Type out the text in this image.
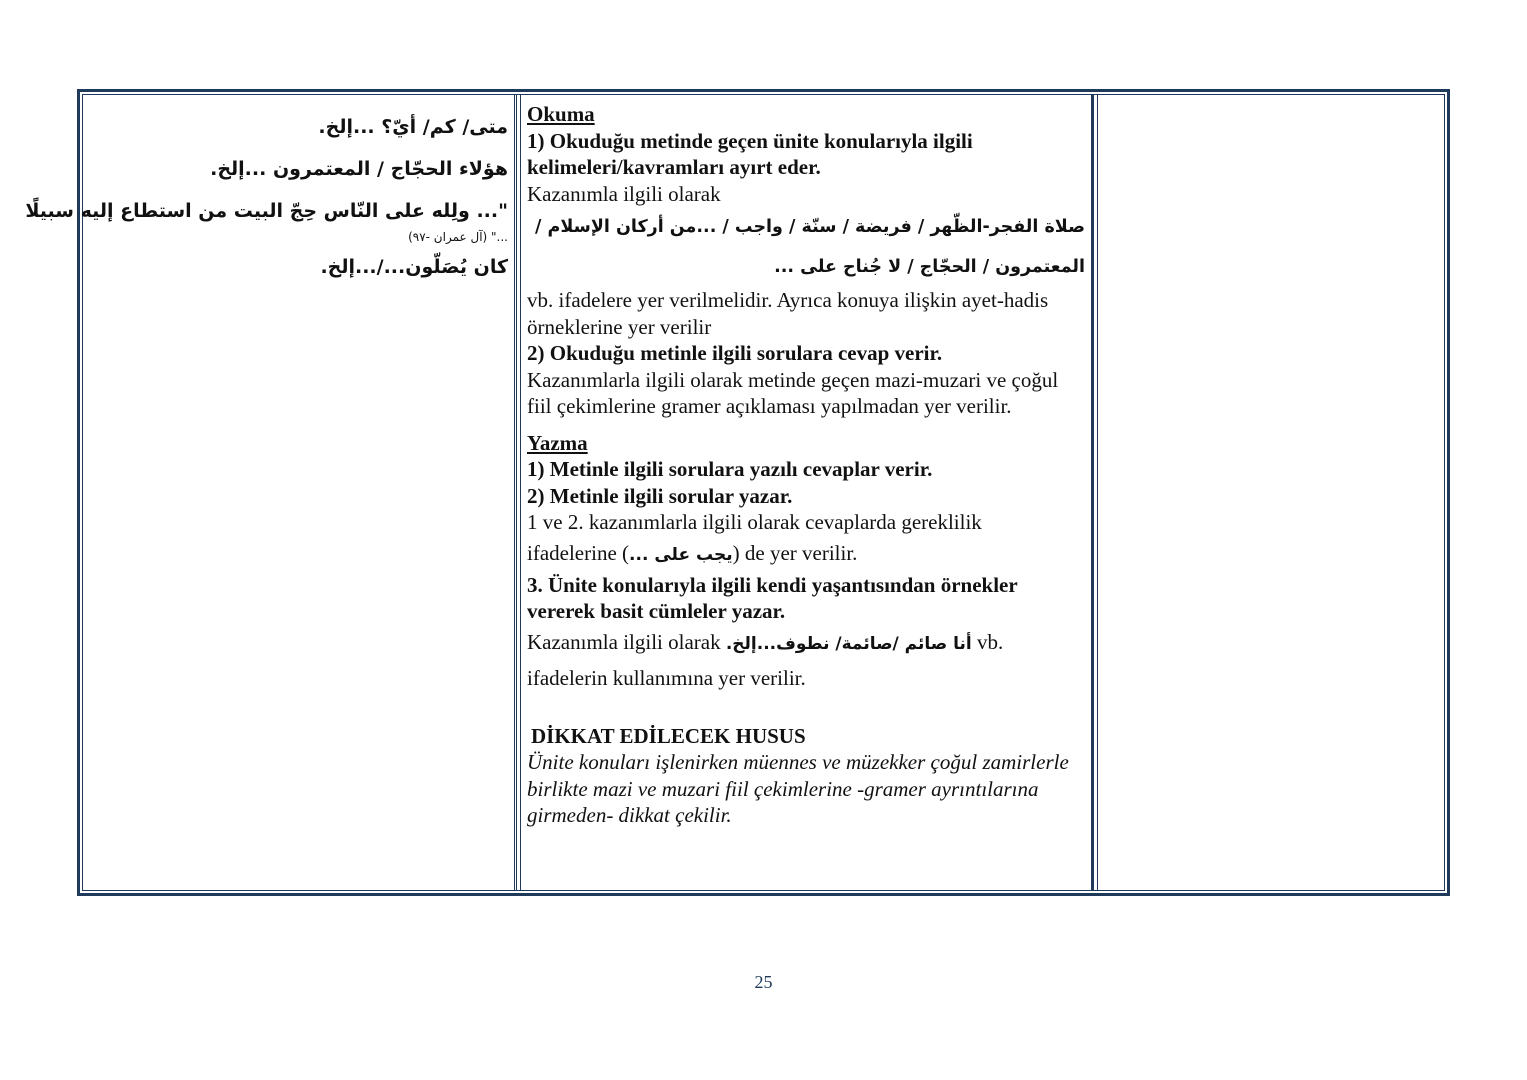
متى/ كم/ أيّ؟ ...إلخ.
هؤلاء الحجّاج / المعتمرون ...إلخ.
"... ولِله على النّاس حِجّ البيت من استطاع إليه سبيلًا
..." (آل عمران -٩٧)
كان يُصَلّون.../...إلخ.
Okuma
1) Okuduğu metinde geçen ünite konularıyla ilgili kelimeleri/kavramları ayırt eder.
Kazanımla ilgili olarak
صلاة الفجر-الظّهر / فريضة / سنّة / واجب / ...من أركان الإسلام /
المعتمرون / الحجّاج / لا جُناح على ...
vb. ifadelere yer verilmelidir. Ayrıca konuya ilişkin ayet-hadis örneklerine yer verilir
2) Okuduğu metinle ilgili sorulara cevap verir.
Kazanımlarla ilgili olarak metinde geçen mazi-muzari ve çoğul fiil çekimlerine gramer açıklaması yapılmadan yer verilir.
Yazma
1) Metinle ilgili sorulara yazılı cevaplar verir.
2) Metinle ilgili sorular yazar.
1 ve 2. kazanımlarla ilgili olarak cevaplarda gereklilik
ifadelerine (يجب على ...) de yer verilir.
3. Ünite konularıyla ilgili kendi yaşantısından örnekler vererek basit cümleler yazar.
Kazanımla ilgili olarak أنا صائم /صائمة/ نطوف...إلخ. vb.
ifadelerin kullanımına yer verilir.
DİKKAT EDİLECEK HUSUS
Ünite konuları işlenirken müennes ve müzekker çoğul zamirlerle birlikte mazi ve muzari fiil çekimlerine -gramer ayrıntılarına girmeden- dikkat çekilir.
25
